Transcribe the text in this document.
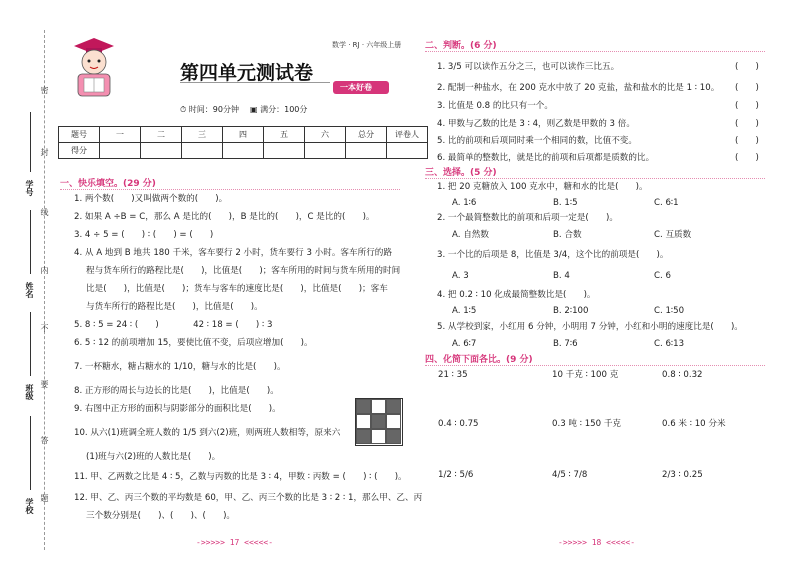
密
封
线
内
不
要
答
题
学号
姓名
班级
学校
数学 · RJ · 六年级上册
第四单元测试卷
一本好卷
⏱ 时间：90分钟 ▣ 满分：100分
题号	一	二	三	四	五	六	总分	评卷人
得分								
一、快乐填空。(29 分)
1. 两个数(　　)又叫做两个数的(　　)。
2. 如果 A ÷B = C，那么 A 是比的(　　)，B 是比的(　　)，C 是比的(　　)。
3. 4 ÷ 5 = (　　) ∶ (　　) = (　　)
4. 从 A 地到 B 地共 180 千米，客车要行 2 小时，货车要行 3 小时。客车所行的路
程与货车所行的路程比是(　　)，比值是(　　)；客车所用的时间与货车所用的时间
比是(　　)，比值是(　　)；货车与客车的速度比是(　　)，比值是(　　)；客车
与货车所行的路程比是(　　)，比值是(　　)。
5. 8 ∶ 5 = 24 ∶ (　　)　　　　42 ∶ 18 = (　　) ∶ 3
6. 5 ∶ 12 的前项增加 15，要使比值不变，后项应增加(　　)。
7. 一杯糖水，糖占糖水的 1/10，糖与水的比是(　　)。
8. 正方形的周长与边长的比是(　　)，比值是(　　)。
9. 右图中正方形的面积与阴影部分的面积比是(　　)。
10. 从六(1)班调全班人数的 1/5 到六(2)班，则两班人数相等，原来六
(1)班与六(2)班的人数比是(　　)。
11. 甲、乙两数之比是 4 ∶ 5，乙数与丙数的比是 3 ∶ 4，甲数 ∶ 丙数 = (　　) ∶ (　　)。
12. 甲、乙、丙三个数的平均数是 60，甲、乙、丙三个数的比是 3 ∶ 2 ∶ 1，那么甲、乙、丙
三个数分别是(　　)、(　　)、(　　)。
二、判断。(6 分)
1. 3/5 可以读作五分之三，也可以读作三比五。	(　　)
2. 配制一种盐水，在 200 克水中放了 20 克盐，盐和盐水的比是 1 ∶ 10。 (　　)
3. 比值是 0.8 的比只有一个。	(　　)
4. 甲数与乙数的比是 3 ∶ 4，则乙数是甲数的 3 倍。	(　　)
5. 比的前项和后项同时乘一个相同的数，比值不变。	(　　)
6. 最简单的整数比，就是比的前项和后项都是质数的比。	(　　)
三、选择。(5 分)
1. 把 20 克糖放入 100 克水中，糖和水的比是(　　)。
A. 1∶6	B. 1∶5	C. 6∶1
2. 一个最简整数比的前项和后项一定是(　　)。
A. 自然数	B. 合数	C. 互质数
3. 一个比的后项是 8，比值是 3/4，这个比的前项是(　　)。
A. 3	B. 4	C. 6
4. 把 0.2 ∶ 10 化成最简整数比是(　　)。
A. 1∶5	B. 2∶100	C. 1∶50
5. 从学校到家，小红用 6 分钟，小明用 7 分钟，小红和小明的速度比是(　　)。
A. 6∶7	B. 7∶6	C. 6∶13
四、化简下面各比。(9 分)
21 ∶ 35	10 千克 ∶ 100 克	0.8 ∶ 0.32
0.4 ∶ 0.75	0.3 吨 ∶ 150 千克	0.6 米 ∶ 10 分米
1/2 ∶ 5/6	4/5 ∶ 7/8	2/3 ∶ 0.25
->>>>> 17 <<<<<-	->>>>> 18 <<<<<-
